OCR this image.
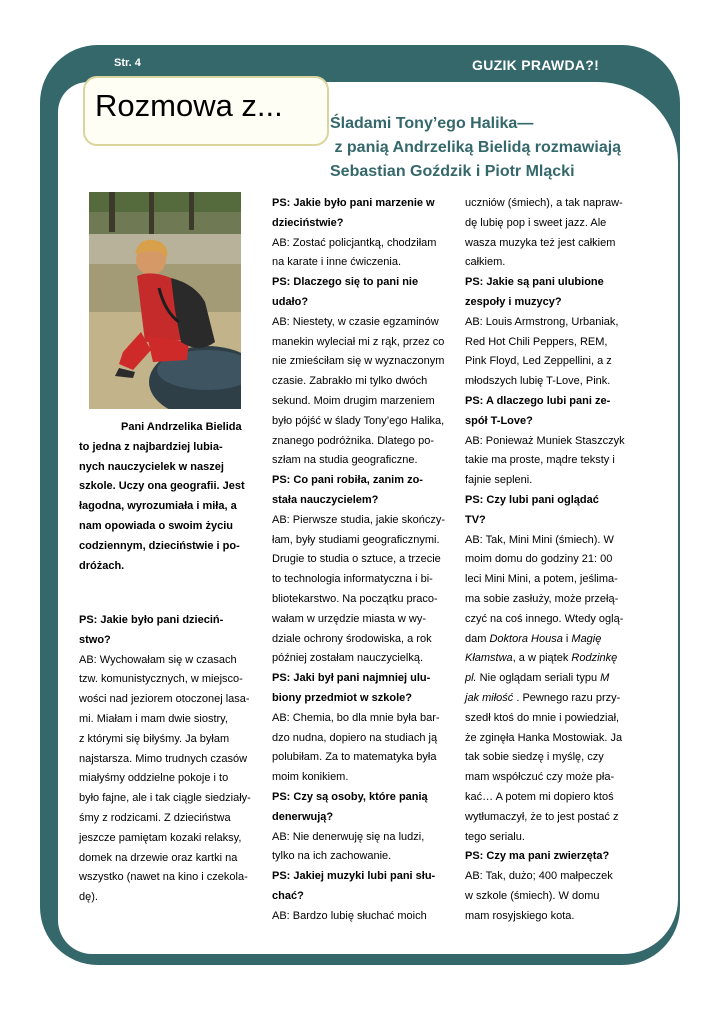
Str. 4	GUZIK PRAWDA?!
Rozmowa z...
Śladami Tony’ego Halika—
z panią Andrzeliką Bielidą rozmawiają
Sebastian Goździk i Piotr Mlącki
Pani Andrzelika Bielida
to jedna z najbardziej lubia-
nych nauczycielek w naszej
szkole. Uczy ona geografii. Jest
łagodna, wyrozumiała i miła, a
nam opowiada o swoim życiu
codziennym, dzieciństwie i po-
dróżach.

PS: Jakie było pani dzieciń-

stwo?

AB: Wychowałam się w czasach

tzw. komunistycznych, w miejsco-

wości nad jeziorem otoczonej lasa-

mi. Miałam i mam dwie siostry,

z którymi się biłyśmy. Ja byłam

najstarsza. Mimo trudnych czasów

miałyśmy oddzielne pokoje i to

było fajne, ale i tak ciągle siedziały-

śmy z rodzicami. Z dzieciństwa

jeszcze pamiętam kozaki relaksy,

domek na drzewie oraz kartki na

wszystko (nawet na kino i czekola-

dę).

PS: Jakie było pani marzenie w

dzieciństwie?

AB: Zostać policjantką, chodziłam

na karate i inne ćwiczenia.

PS: Dlaczego się to pani nie

udało?

AB: Niestety, w czasie egzaminów

manekin wyleciał mi z rąk, przez co

nie zmieściłam się w wyznaczonym

czasie. Zabrakło mi tylko dwóch

sekund. Moim drugim marzeniem

było pójść w ślady Tony’ego Halika,

znanego podróżnika. Dlatego po-

szłam na studia geograficzne.

PS: Co pani robiła, zanim zo-

stała nauczycielem?

AB: Pierwsze studia, jakie skończy-

łam, były studiami geograficznymi.

Drugie to studia o sztuce, a trzecie

to technologia informatyczna i bi-

bliotekarstwo. Na początku praco-

wałam w urzędzie miasta w wy-

dziale ochrony środowiska, a rok

później zostałam nauczycielką.

PS: Jaki był pani najmniej ulu-

biony przedmiot w szkole?

AB: Chemia, bo dla mnie była bar-

dzo nudna, dopiero na studiach ją

polubiłam. Za to matematyka była

moim konikiem.

PS: Czy są osoby, które panią

denerwują?

AB: Nie denerwuję się na ludzi,

tylko na ich zachowanie.

PS: Jakiej muzyki lubi pani słu-

chać?

AB: Bardzo lubię słuchać moich

uczniów (śmiech), a tak napraw-

dę lubię pop i sweet jazz. Ale

wasza muzyka też jest całkiem

całkiem.

PS: Jakie są pani ulubione

zespoły i muzycy?

AB: Louis Armstrong, Urbaniak,

Red Hot Chili Peppers, REM,

Pink Floyd, Led Zeppellini, a z

młodszych lubię T-Love, Pink.

PS: A dlaczego lubi pani ze-

spół T-Love?

AB: Ponieważ Muniek Staszczyk

takie ma proste, mądre teksty i

fajnie sepleni.

PS: Czy lubi pani oglądać

TV?

AB: Tak, Mini Mini (śmiech). W

moim domu do godziny 21: 00

leci Mini Mini, a potem, jeślima-

ma sobie zasłuży, może przełą-

czyć na coś innego. Wtedy oglą-

dam Doktora Housa i Magię

Kłamstwa, a w piątek Rodzinkę

pl. Nie oglądam seriali typu M

jak miłość . Pewnego razu przy-

szedł ktoś do mnie i powiedział,

że zginęła Hanka Mostowiak. Ja

tak sobie siedzę i myślę, czy

mam współczuć czy może pła-

kać… A potem mi dopiero ktoś

wytłumaczył, że to jest postać z

tego serialu.

PS: Czy ma pani zwierzęta?

AB: Tak, dużo; 400 małpeczek

w szkole (śmiech). W domu

mam rosyjskiego kota.
